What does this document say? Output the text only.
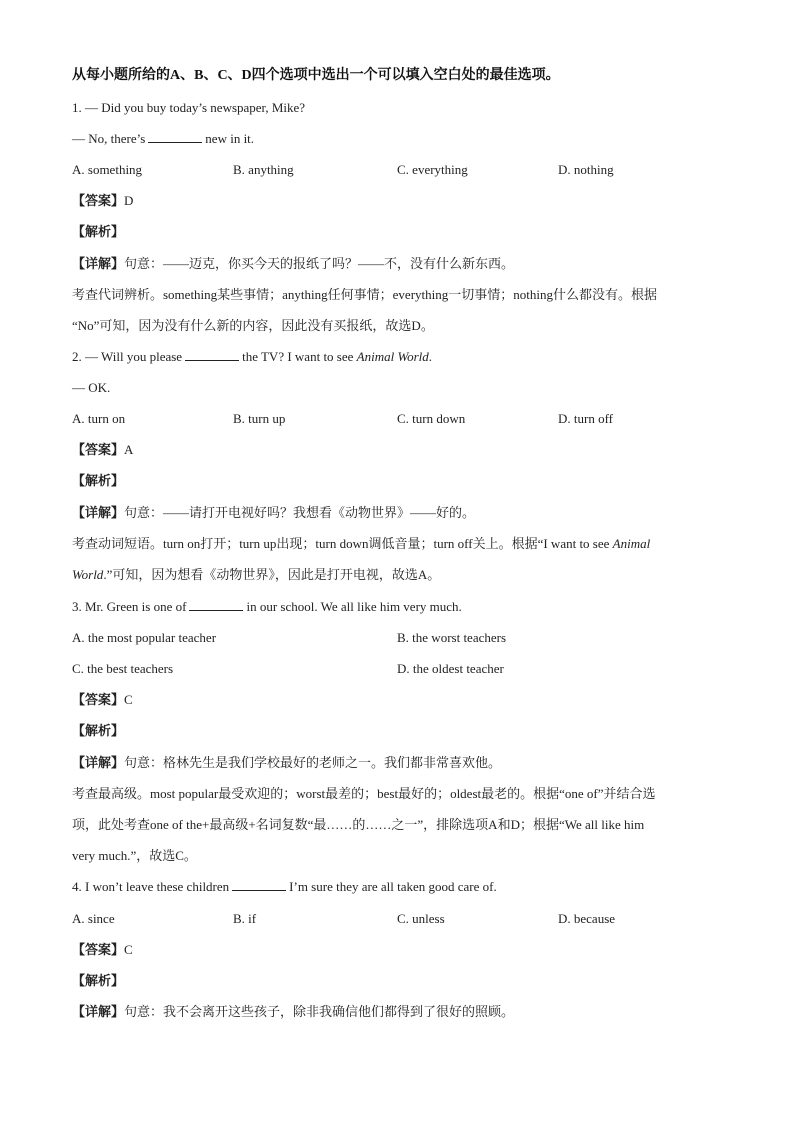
从每小题所给的A、B、C、D四个选项中选出一个可以填入空白处的最佳选项。
1. — Did you buy today’s newspaper, Mike?
— No, there’s	new in it.
A. something	B. anything	C. everything	D. nothing
【答案】D
【解析】
【详解】句意：——迈克，你买今天的报纸了吗？——不，没有什么新东西。
考查代词辨析。something某些事情；anything任何事情；everything一切事情；nothing什么都没有。根据
“No”可知，因为没有什么新的内容，因此没有买报纸，故选D。
2. — Will you please	the TV? I want to see Animal World.
— OK.
A. turn on	B. turn up	C. turn down	D. turn off
【答案】A
【解析】
【详解】句意：——请打开电视好吗？我想看《动物世界》——好的。
考查动词短语。turn on打开；turn up出现；turn down调低音量；turn off关上。根据“I want to see Animal
World.”可知，因为想看《动物世界》，因此是打开电视，故选A。
3. Mr. Green is one of	in our school. We all like him very much.
A. the most popular teacher	B. the worst teachers
C. the best teachers	D. the oldest teacher
【答案】C
【解析】
【详解】句意：格林先生是我们学校最好的老师之一。我们都非常喜欢他。
考查最高级。most popular最受欢迎的；worst最差的；best最好的；oldest最老的。根据“one of”并结合选
项，此处考查one of the+最高级+名词复数“最……的……之一”，排除选项A和D；根据“We all like him
very much.”，故选C。
4. I won’t leave these children	I’m sure they are all taken good care of.
A. since	B. if	C. unless	D. because
【答案】C
【解析】
【详解】句意：我不会离开这些孩子，除非我确信他们都得到了很好的照顾。
